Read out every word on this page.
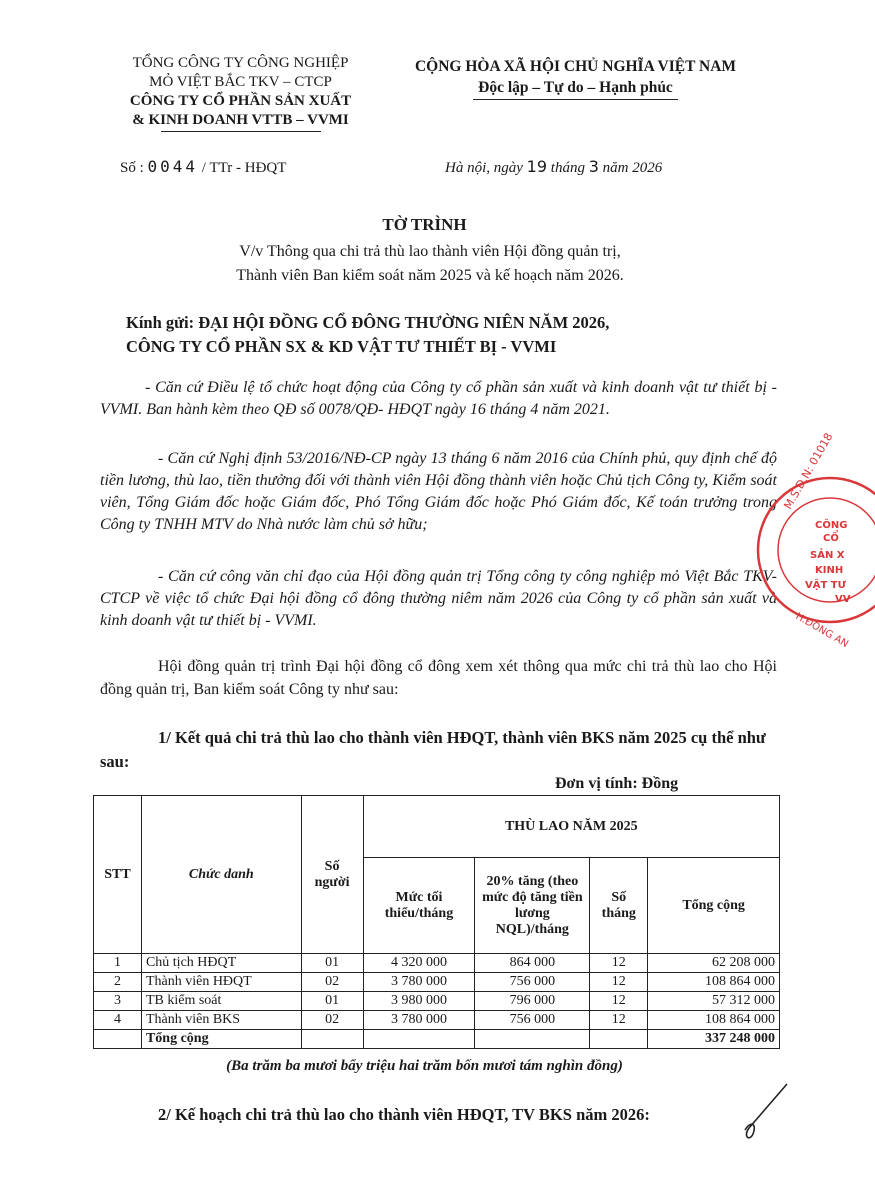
TỔNG CÔNG TY CÔNG NGHIỆP
MỎ VIỆT BẮC TKV – CTCP
CÔNG TY CỔ PHẦN SẢN XUẤT
& KINH DOANH VTTB – VVMI
CỘNG HÒA XÃ HỘI CHỦ NGHĨA VIỆT NAM
Độc lập – Tự do – Hạnh phúc
Số : 0044 / TTr - HĐQT	Hà nội, ngày 19 tháng 3 năm 2026
TỜ TRÌNH
V/v Thông qua chi trả thù lao thành viên Hội đồng quản trị,
Thành viên Ban kiểm soát năm 2025 và kế hoạch năm 2026.
Kính gửi: ĐẠI HỘI ĐỒNG CỔ ĐÔNG THƯỜNG NIÊN NĂM 2026,
CÔNG TY CỔ PHẦN SX & KD VẬT TƯ THIẾT BỊ - VVMI
- Căn cứ Điều lệ tổ chức hoạt động của Công ty cổ phần sản xuất và kinh doanh vật tư thiết bị - VVMI. Ban hành kèm theo QĐ số 0078/QĐ- HĐQT ngày 16 tháng 4 năm 2021.
- Căn cứ Nghị định 53/2016/NĐ-CP ngày 13 tháng 6 năm 2016 của Chính phủ, quy định chế độ tiền lương, thù lao, tiền thưởng đối với thành viên Hội đồng thành viên hoặc Chủ tịch Công ty, Kiểm soát viên, Tổng Giám đốc hoặc Giám đốc, Phó Tổng Giám đốc hoặc Phó Giám đốc, Kế toán trưởng trong Công ty TNHH MTV do Nhà nước làm chủ sở hữu;
- Căn cứ công văn chỉ đạo của Hội đồng quản trị Tổng công ty công nghiệp mỏ Việt Bắc TKV-CTCP về việc tổ chức Đại hội đồng cổ đông thường niêm năm 2026 của Công ty cổ phần sản xuất và kinh doanh vật tư thiết bị - VVMI.
Hội đồng quản trị trình Đại hội đồng cổ đông xem xét thông qua mức chi trả thù lao cho Hội đồng quản trị, Ban kiểm soát Công ty như sau:
1/ Kết quả chi trả thù lao cho thành viên HĐQT, thành viên BKS năm 2025 cụ thể như sau:
Đơn vị tính: Đồng
STT	Chức danh	Số người	THÙ LAO NĂM 2025			
			Mức tối thiểu/tháng	20% tăng (theo mức độ tăng tiền lương NQL)/tháng	Số tháng	Tổng cộng
1	Chủ tịch HĐQT	01	4 320 000	864 000	12	62 208 000
2	Thành viên HĐQT	02	3 780 000	756 000	12	108 864 000
3	TB kiểm soát	01	3 980 000	796 000	12	57 312 000
4	Thành viên BKS	02	3 780 000	756 000	12	108 864 000
	Tổng cộng					337 248 000
(Ba trăm ba mươi bẩy triệu hai trăm bốn mươi tám nghìn đồng)
2/ Kế hoạch chi trả thù lao cho thành viên HĐQT, TV BKS năm 2026:
M.S.D.N: 01018
CÔNG
CỔ
SẢN X
KINH
VẬT TƯ
VV
H.ĐỒNG AN
